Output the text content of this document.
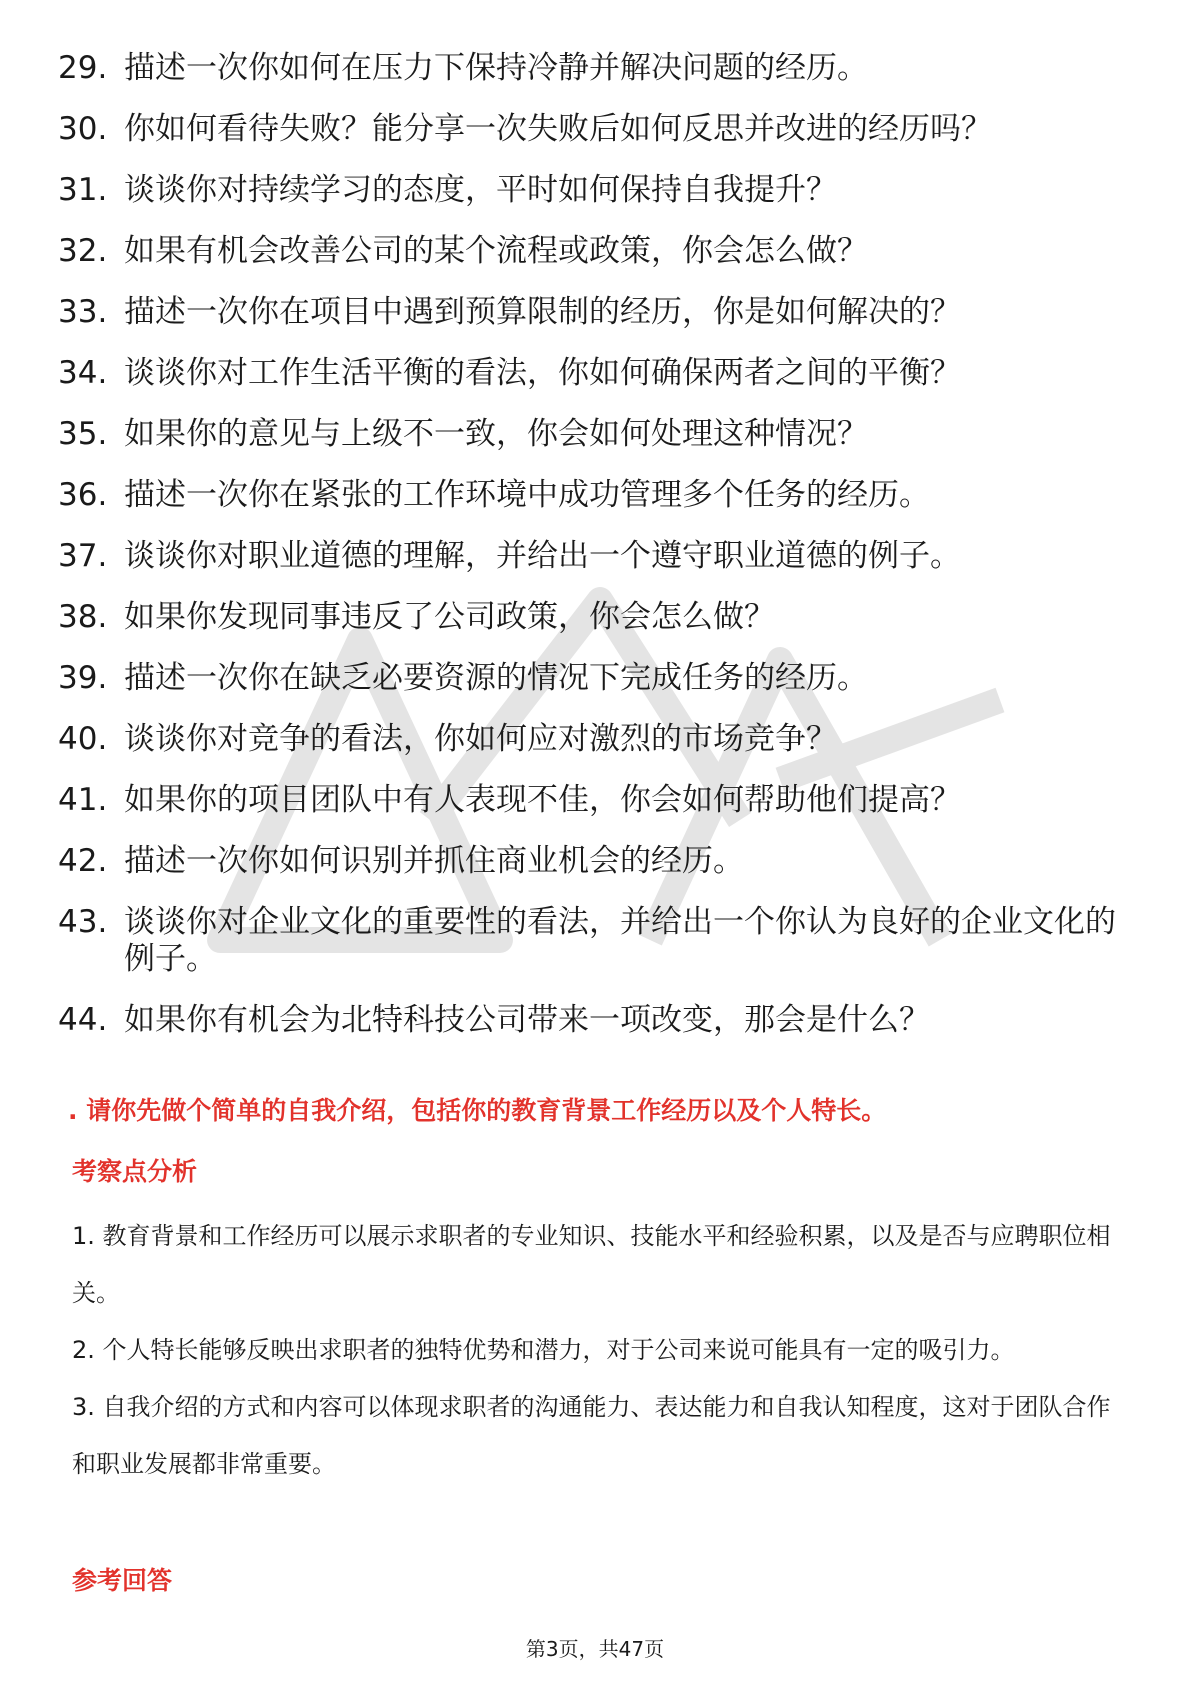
29. 描述一次你如何在压力下保持冷静并解决问题的经历。
30. 你如何看待失败？能分享一次失败后如何反思并改进的经历吗？
31. 谈谈你对持续学习的态度，平时如何保持自我提升？
32. 如果有机会改善公司的某个流程或政策，你会怎么做？
33. 描述一次你在项目中遇到预算限制的经历，你是如何解决的？
34. 谈谈你对工作生活平衡的看法，你如何确保两者之间的平衡？
35. 如果你的意见与上级不一致，你会如何处理这种情况？
36. 描述一次你在紧张的工作环境中成功管理多个任务的经历。
37. 谈谈你对职业道德的理解，并给出一个遵守职业道德的例子。
38. 如果你发现同事违反了公司政策，你会怎么做？
39. 描述一次你在缺乏必要资源的情况下完成任务的经历。
40. 谈谈你对竞争的看法，你如何应对激烈的市场竞争？
41. 如果你的项目团队中有人表现不佳，你会如何帮助他们提高？
42. 描述一次你如何识别并抓住商业机会的经历。
43. 谈谈你对企业文化的重要性的看法，并给出一个你认为良好的企业文化的例子。
44. 如果你有机会为北特科技公司带来一项改变，那会是什么？
. 请你先做个简单的自我介绍，包括你的教育背景工作经历以及个人特长。
考察点分析

1. 教育背景和工作经历可以展示求职者的专业知识、技能水平和经验积累，以及是否与应聘职位相关。

2. 个人特长能够反映出求职者的独特优势和潜力，对于公司来说可能具有一定的吸引力。

3. 自我介绍的方式和内容可以体现求职者的沟通能力、表达能力和自我认知程度，这对于团队合作和职业发展都非常重要。

参考回答
第3页，共47页
